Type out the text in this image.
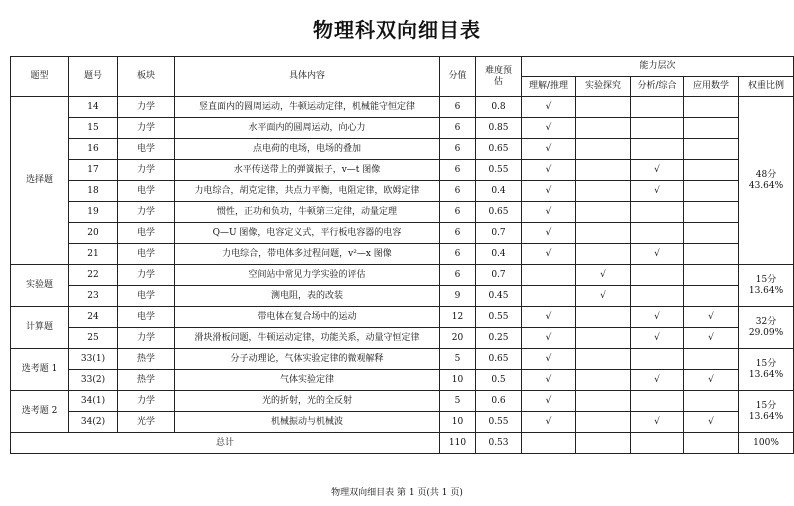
物理科双向细目表
题型	题号	板块	具体内容	分值	难度预估	能力层次				
						理解/推理	实验探究	分析/综合	应用数学	权重比例
选择题	14	力学	竖直面内的圆周运动，牛顿运动定律，机械能守恒定律	6	0.8	√				48分
43.64%

	15	力学	水平面内的圆周运动，向心力	6	0.85	√				
	16	电学	点电荷的电场，电场的叠加	6	0.65	√				
	17	力学	水平传送带上的弹簧振子，v—t 图像	6	0.55	√		√		
	18	电学	力电综合，胡克定律，共点力平衡，电阻定律，欧姆定律	6	0.4	√		√		
	19	力学	惯性，正功和负功，牛顿第三定律，动量定理	6	0.65	√				
	20	电学	Q—U 图像，电容定义式，平行板电容器的电容	6	0.7	√				
	21	电学	力电综合，带电体多过程问题，v²—x 图像	6	0.4	√		√		
实验题	22	力学	空间站中常见力学实验的评估	6	0.7		√			15分
13.64%

	23	电学	测电阻，表的改装	9	0.45		√			
计算题	24	电学	带电体在复合场中的运动	12	0.55	√		√	√	32分
29.09%

	25	力学	滑块滑板问题，牛顿运动定律，功能关系，动量守恒定律	20	0.25	√		√	√	
选考题 1	33(1)	热学	分子动理论，气体实验定律的微观解释	5	0.65	√				15分
13.64%

	33(2)	热学	气体实验定律	10	0.5	√		√	√	
选考题 2	34(1)	力学	光的折射，光的全反射	5	0.6	√				15分
13.64%

	34(2)	光学	机械振动与机械波	10	0.55	√		√	√	
总计				110	0.53					100%
物理双向细目表 第 1 页(共 1 页)
